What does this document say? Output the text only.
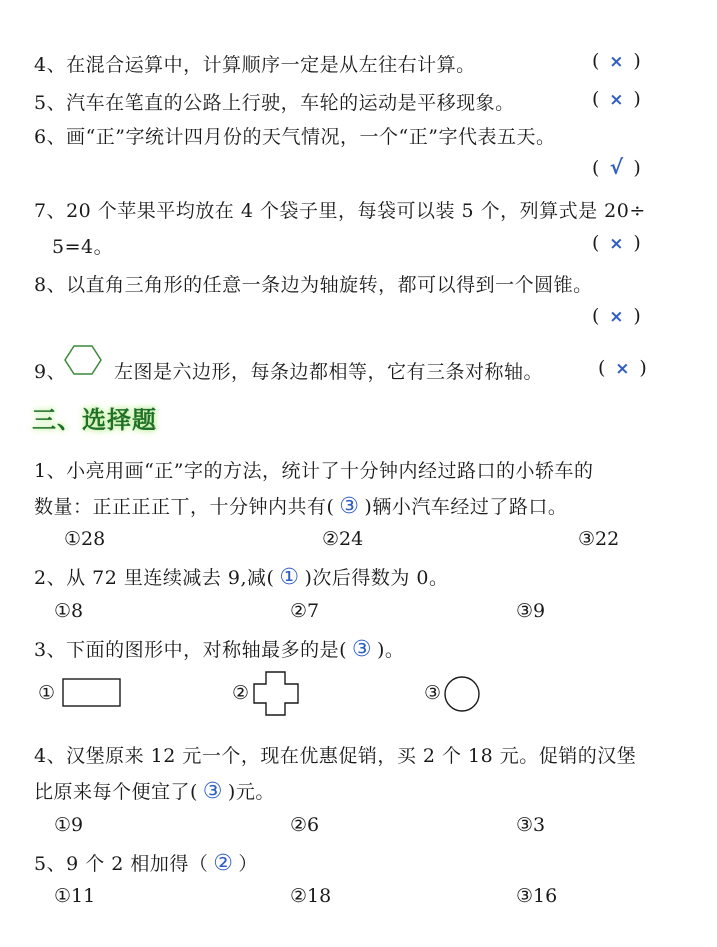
4、在混合运算中，计算顺序一定是从左往右计算。	( × )
5、汽车在笔直的公路上行驶，车轮的运动是平移现象。	( × )
6、画“正”字统计四月份的天气情况，一个“正”字代表五天。
( √ )
7、20 个苹果平均放在 4 个袋子里，每袋可以装 5 个，列算式是 20÷
5=4。	( × )
8、以直角三角形的任意一条边为轴旋转，都可以得到一个圆锥。
( × )
9、	左图是六边形，每条边都相等，它有三条对称轴。	( × )
三、选择题
1、小亮用画“正”字的方法，统计了十分钟内经过路口的小轿车的
数量：正正正正丅，十分钟内共有( ③ )辆小汽车经过了路口。
①28	②24	③22
2、从 72 里连续减去 9,减( ① )次后得数为 0。
①8	②7	③9
3、下面的图形中，对称轴最多的是( ③ )。
①	②	③
4、汉堡原来 12 元一个，现在优惠促销，买 2 个 18 元。促销的汉堡
比原来每个便宜了( ③ )元。
①9	②6	③3
5、9 个 2 相加得（ ② ）
①11	②18	③16
